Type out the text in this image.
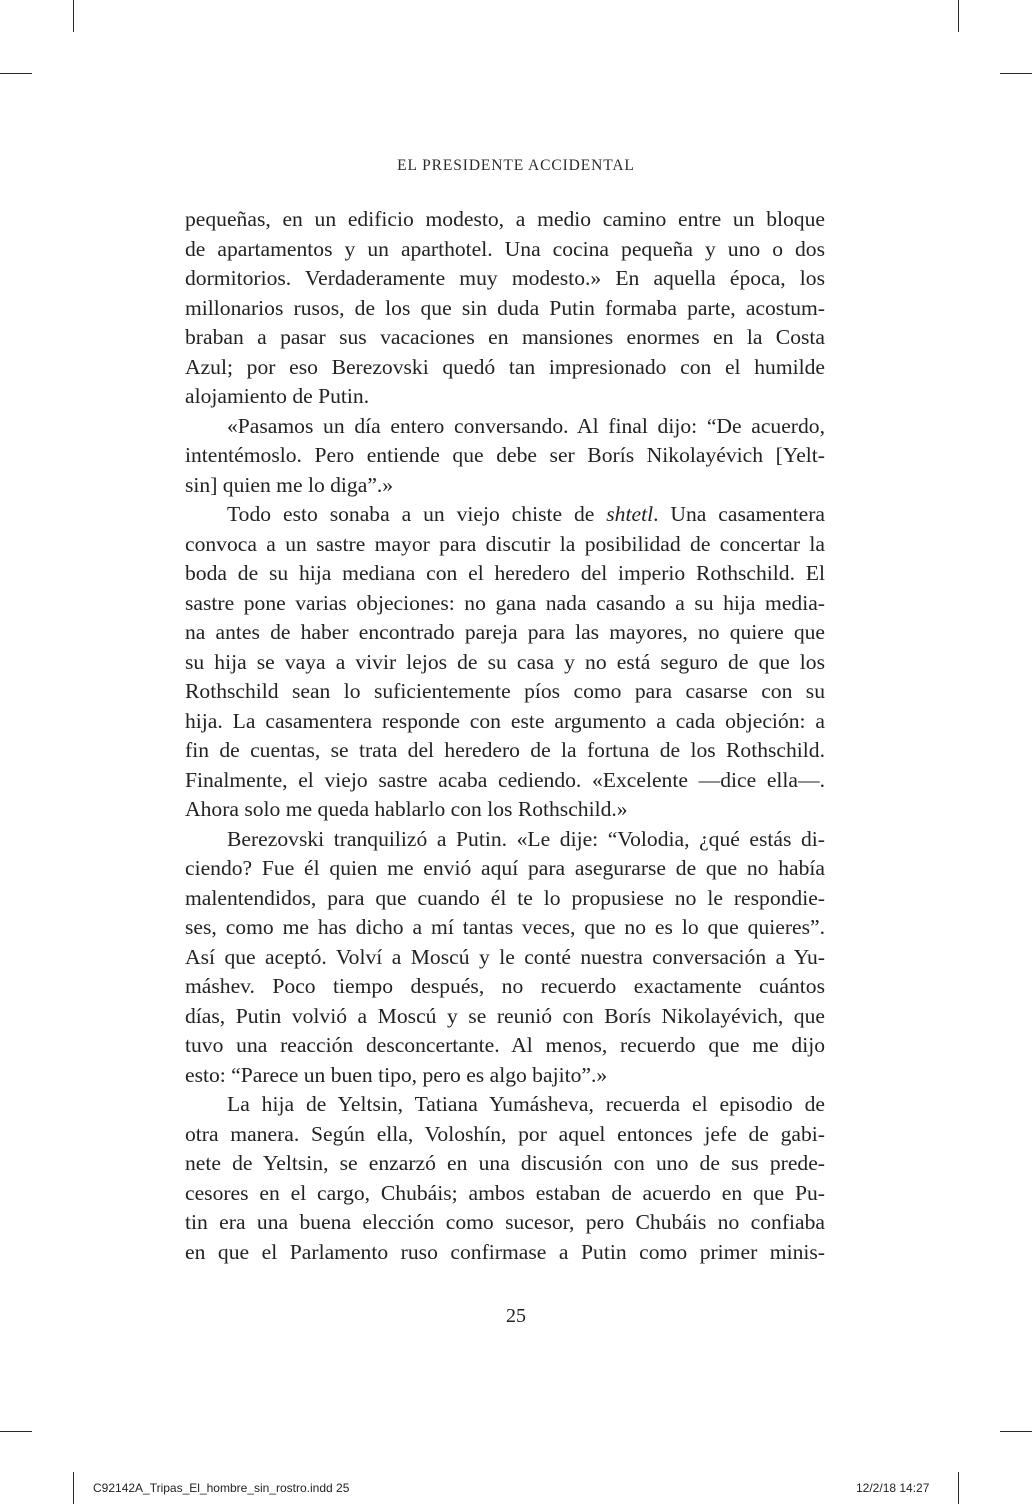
EL PRESIDENTE ACCIDENTAL
pequeñas, en un edificio modesto, a medio camino entre un bloque
de apartamentos y un aparthotel. Una cocina pequeña y uno o dos
dormitorios. Verdaderamente muy modesto.» En aquella época, los
millonarios rusos, de los que sin duda Putin formaba parte, acostum-
braban a pasar sus vacaciones en mansiones enormes en la Costa
Azul; por eso Berezovski quedó tan impresionado con el humilde
alojamiento de Putin.
«Pasamos un día entero conversando. Al final dijo: “De acuerdo,
intentémoslo. Pero entiende que debe ser Borís Nikolayévich [Yelt-
sin] quien me lo diga”.»
Todo esto sonaba a un viejo chiste de shtetl. Una casamentera
convoca a un sastre mayor para discutir la posibilidad de concertar la
boda de su hija mediana con el heredero del imperio Rothschild. El
sastre pone varias objeciones: no gana nada casando a su hija media-
na antes de haber encontrado pareja para las mayores, no quiere que
su hija se vaya a vivir lejos de su casa y no está seguro de que los
Rothschild sean lo suficientemente píos como para casarse con su
hija. La casamentera responde con este argumento a cada objeción: a
fin de cuentas, se trata del heredero de la fortuna de los Rothschild.
Finalmente, el viejo sastre acaba cediendo. «Excelente —dice ella—.
Ahora solo me queda hablarlo con los Rothschild.»
Berezovski tranquilizó a Putin. «Le dije: “Volodia, ¿qué estás di-
ciendo? Fue él quien me envió aquí para asegurarse de que no había
malentendidos, para que cuando él te lo propusiese no le respondie-
ses, como me has dicho a mí tantas veces, que no es lo que quieres”.
Así que aceptó. Volví a Moscú y le conté nuestra conversación a Yu-
máshev. Poco tiempo después, no recuerdo exactamente cuántos
días, Putin volvió a Moscú y se reunió con Borís Nikolayévich, que
tuvo una reacción desconcertante. Al menos, recuerdo que me dijo
esto: “Parece un buen tipo, pero es algo bajito”.»
La hija de Yeltsin, Tatiana Yumásheva, recuerda el episodio de
otra manera. Según ella, Voloshín, por aquel entonces jefe de gabi-
nete de Yeltsin, se enzarzó en una discusión con uno de sus prede-
cesores en el cargo, Chubáis; ambos estaban de acuerdo en que Pu-
tin era una buena elección como sucesor, pero Chubáis no confiaba
en que el Parlamento ruso confirmase a Putin como primer minis-
25
C92142A_Tripas_El_hombre_sin_rostro.indd 25	12/2/18 14:27
